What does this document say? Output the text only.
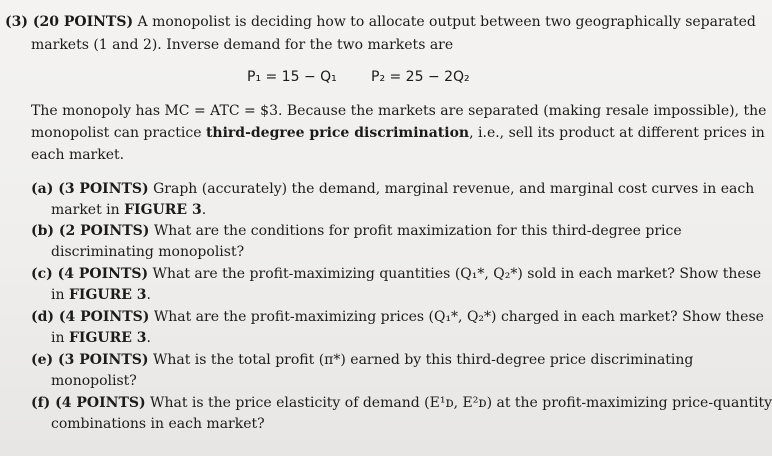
(3) (20 POINTS) A monopolist is deciding how to allocate output between two geographically separated
markets (1 and 2). Inverse demand for the two markets are
P₁ = 15 − Q₁ P₂ = 25 − 2Q₂
The monopoly has MC = ATC = $3. Because the markets are separated (making resale impossible), the
monopolist can practice third-degree price discrimination, i.e., sell its product at different prices in
each market.
(a) (3 POINTS) Graph (accurately) the demand, marginal revenue, and marginal cost curves in each
market in FIGURE 3.
(b) (2 POINTS) What are the conditions for profit maximization for this third-degree price
discriminating monopolist?
(c) (4 POINTS) What are the profit-maximizing quantities (Q₁*, Q₂*) sold in each market? Show these
in FIGURE 3.
(d) (4 POINTS) What are the profit-maximizing prices (Q₁*, Q₂*) charged in each market? Show these
in FIGURE 3.
(e) (3 POINTS) What is the total profit (π*) earned by this third-degree price discriminating
monopolist?
(f) (4 POINTS) What is the price elasticity of demand (E¹ᴅ, E²ᴅ) at the profit-maximizing price-quantity
combinations in each market?
